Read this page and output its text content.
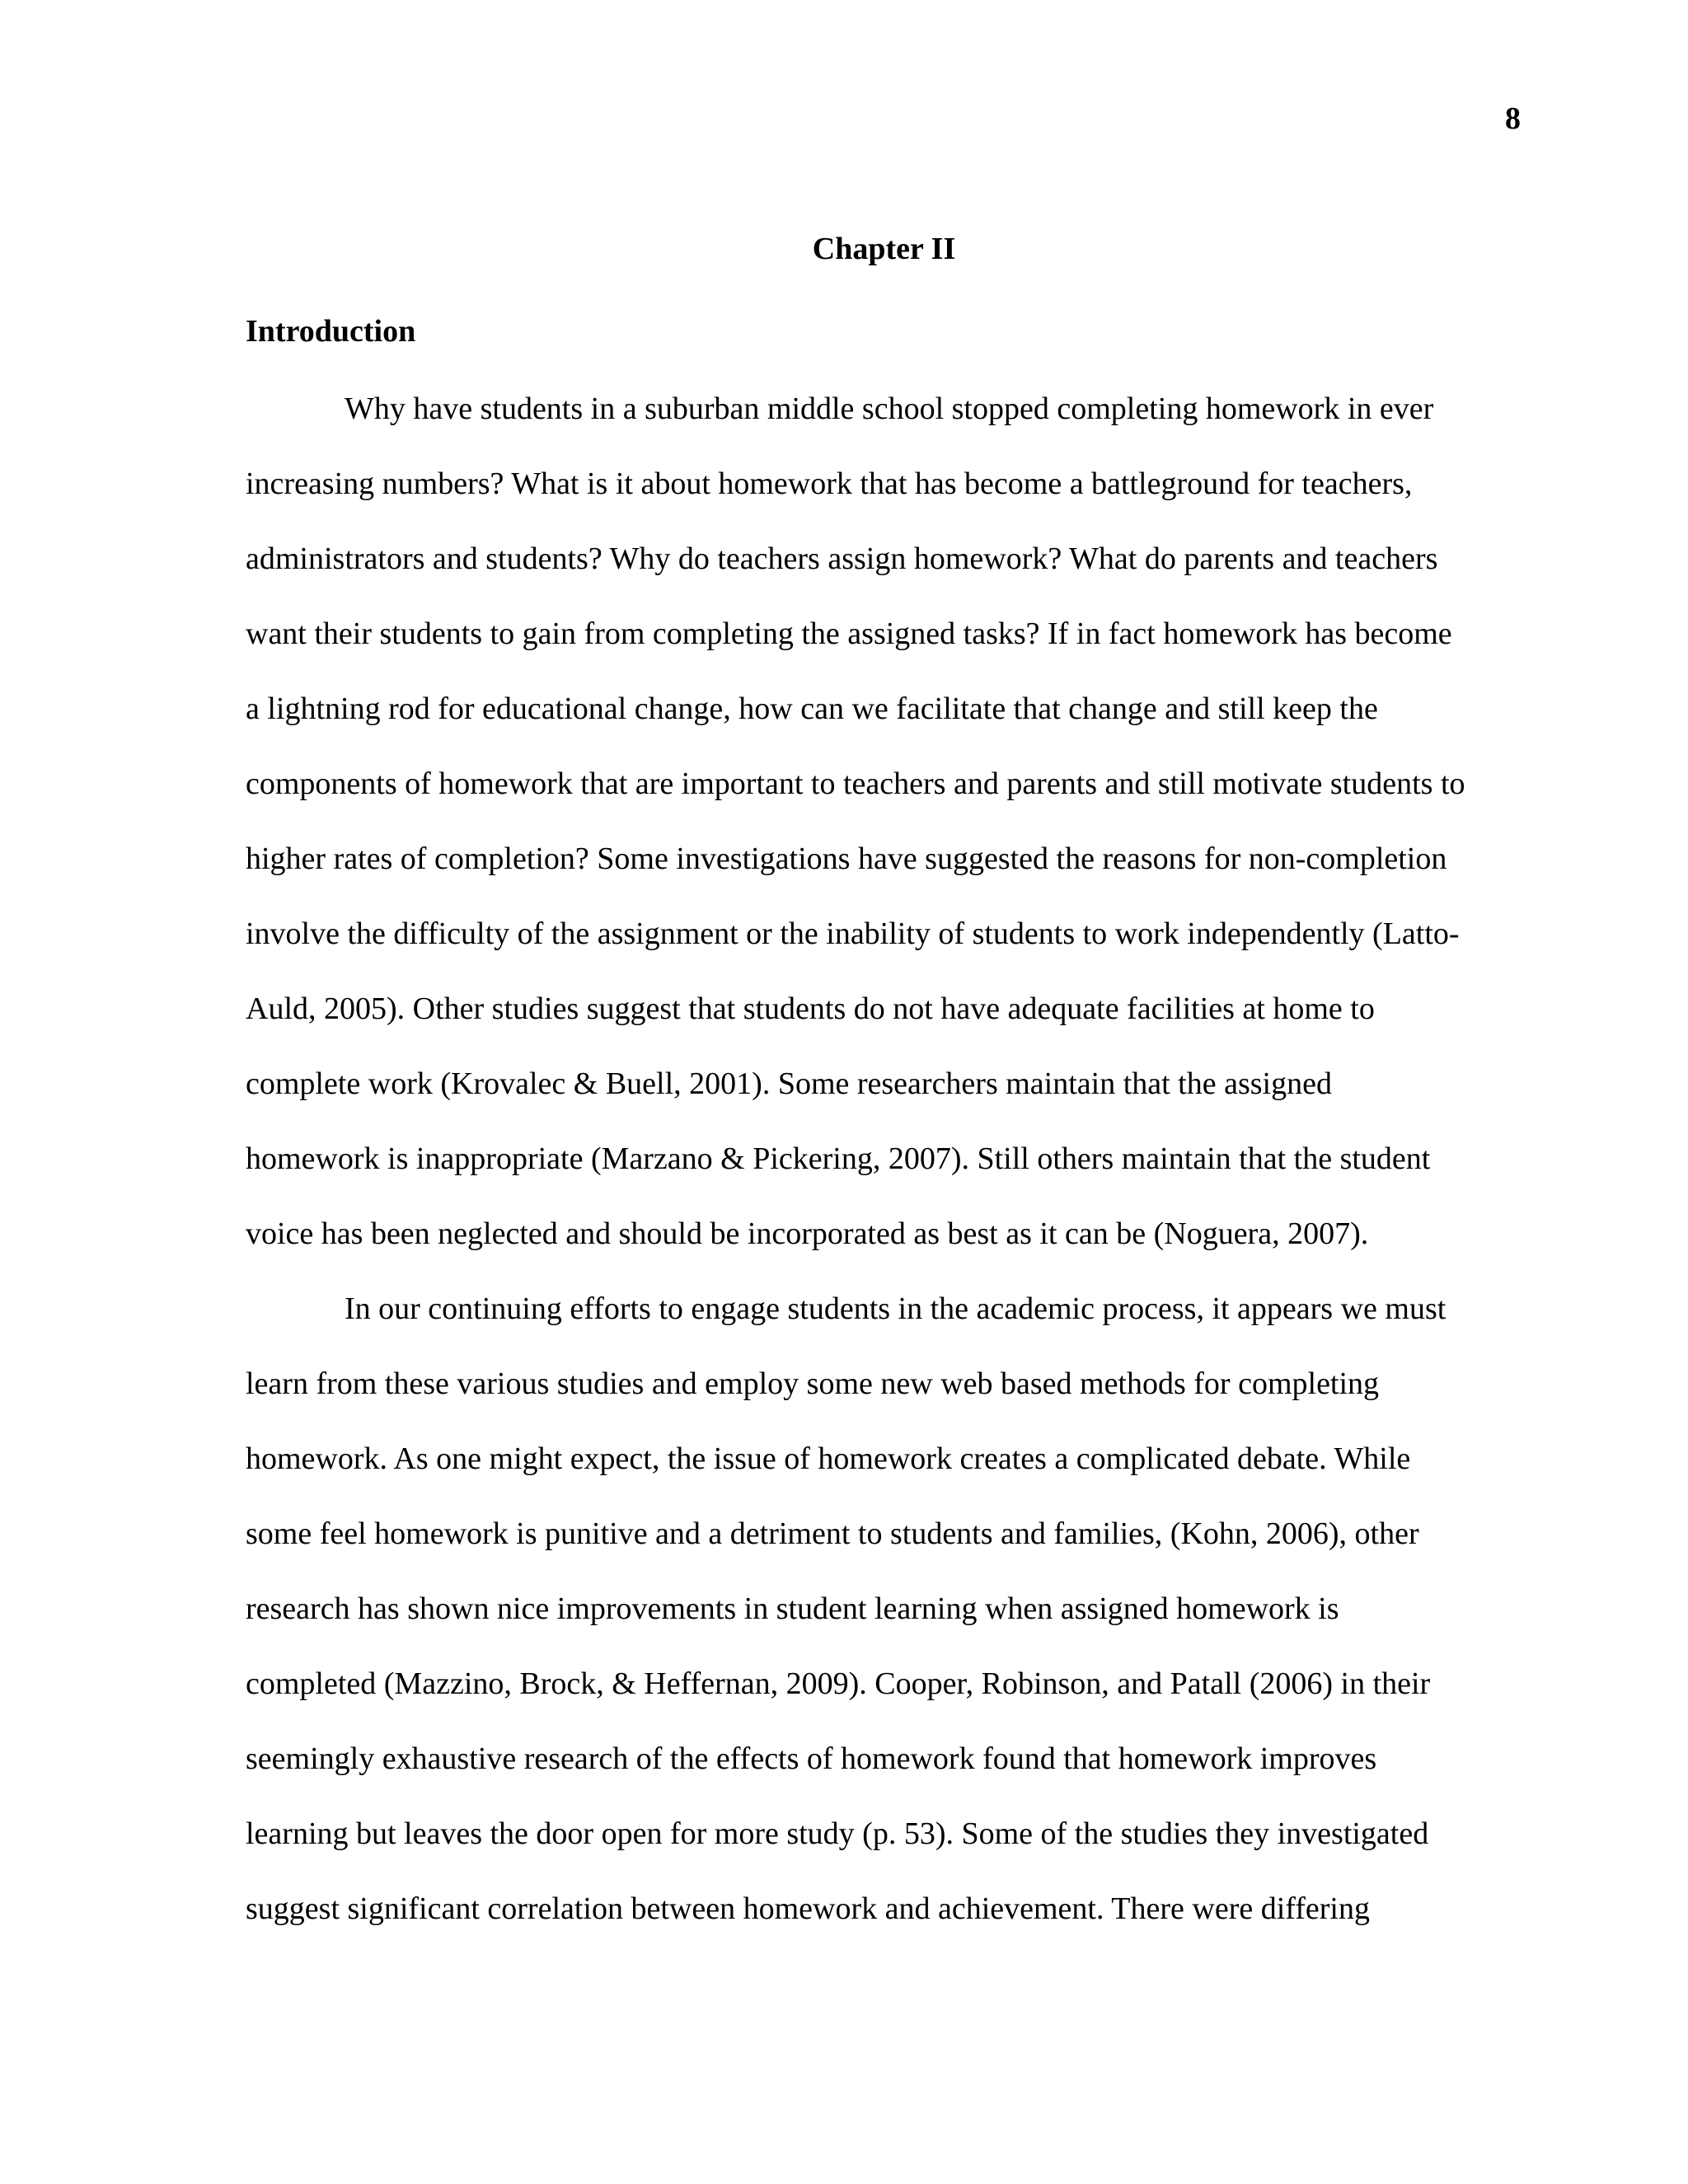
8
Chapter II
Introduction
Why have students in a suburban middle school stopped completing homework in ever
increasing numbers? What is it about homework that has become a battleground for teachers,
administrators and students? Why do teachers assign homework? What do parents and teachers
want their students to gain from completing the assigned tasks? If in fact homework has become
a lightning rod for educational change, how can we facilitate that change and still keep the
components of homework that are important to teachers and parents and still motivate students to
higher rates of completion? Some investigations have suggested the reasons for non-completion
involve the difficulty of the assignment or the inability of students to work independently (Latto-
Auld, 2005). Other studies suggest that students do not have adequate facilities at home to
complete work (Krovalec & Buell, 2001). Some researchers maintain that the assigned
homework is inappropriate (Marzano & Pickering, 2007). Still others maintain that the student
voice has been neglected and should be incorporated as best as it can be (Noguera, 2007).
In our continuing efforts to engage students in the academic process, it appears we must
learn from these various studies and employ some new web based methods for completing
homework. As one might expect, the issue of homework creates a complicated debate. While
some feel homework is punitive and a detriment to students and families, (Kohn, 2006), other
research has shown nice improvements in student learning when assigned homework is
completed (Mazzino, Brock, & Heffernan, 2009). Cooper, Robinson, and Patall (2006) in their
seemingly exhaustive research of the effects of homework found that homework improves
learning but leaves the door open for more study (p. 53). Some of the studies they investigated
suggest significant correlation between homework and achievement. There were differing
